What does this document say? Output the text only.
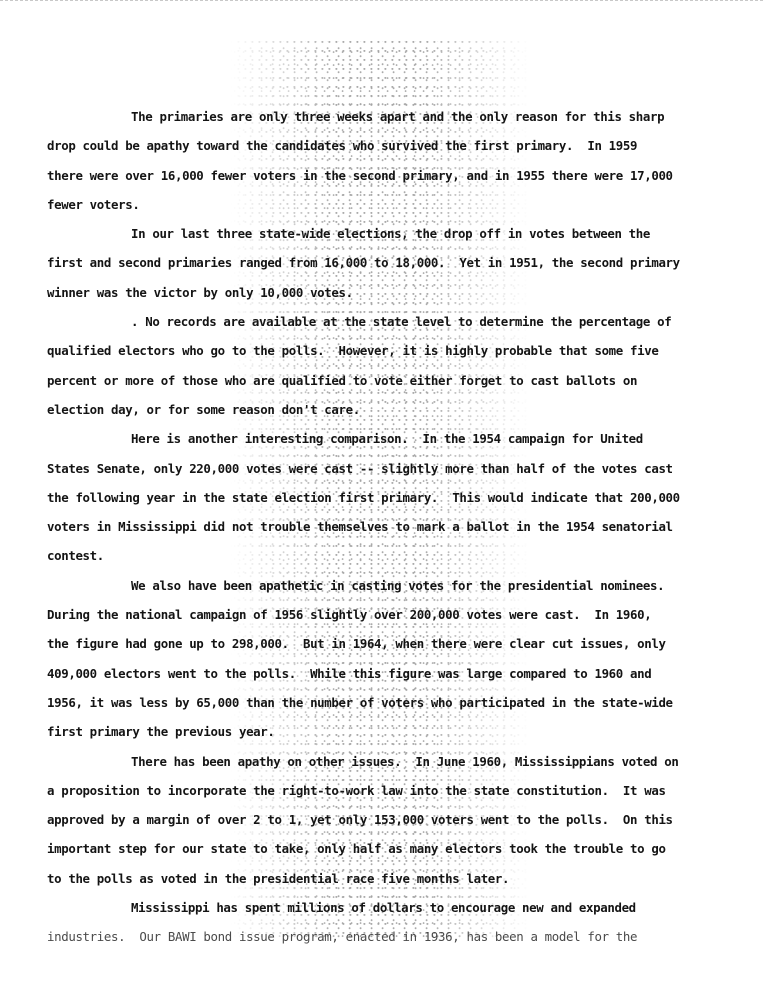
The primaries are only three weeks apart and the only reason for this sharp
drop could be apathy toward the candidates who survived the first primary.  In 1959
there were over 16,000 fewer voters in the second primary, and in 1955 there were 17,000
fewer voters.
In our last three state-wide elections, the drop off in votes between the
first and second primaries ranged from 16,000 to 18,000.  Yet in 1951, the second primary
winner was the victor by only 10,000 votes.
. No records are available at the state level to determine the percentage of
qualified electors who go to the polls.  However, it is highly probable that some five
percent or more of those who are qualified to vote either forget to cast ballots on
election day, or for some reason don't care.
Here is another interesting comparison.  In the 1954 campaign for United
States Senate, only 220,000 votes were cast -- slightly more than half of the votes cast
the following year in the state election first primary.  This would indicate that 200,000
voters in Mississippi did not trouble themselves to mark a ballot in the 1954 senatorial
contest.
We also have been apathetic in casting votes for the presidential nominees.
During the national campaign of 1956 slightly over 200,000 votes were cast.  In 1960,
the figure had gone up to 298,000.  But in 1964, when there were clear cut issues, only
409,000 electors went to the polls.  While this figure was large compared to 1960 and
1956, it was less by 65,000 than the number of voters who participated in the state-wide
first primary the previous year.
There has been apathy on other issues.  In June 1960, Mississippians voted on
a proposition to incorporate the right-to-work law into the state constitution.  It was
approved by a margin of over 2 to 1, yet only 153,000 voters went to the polls.  On this
important step for our state to take, only half as many electors took the trouble to go
to the polls as voted in the presidential race five months later.
Mississippi has spent millions of dollars to encourage new and expanded
industries.  Our BAWI bond issue program, enacted in 1936, has been a model for the
